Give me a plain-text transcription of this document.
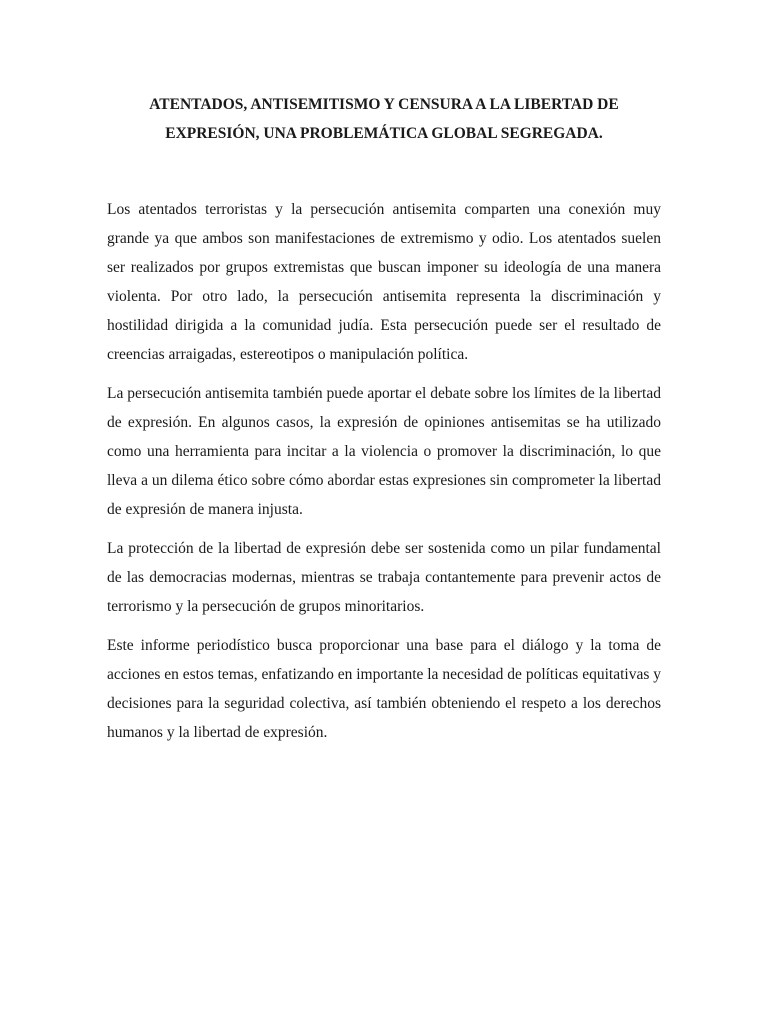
ATENTADOS, ANTISEMITISMO Y CENSURA A LA LIBERTAD DE
EXPRESIÓN, UNA PROBLEMÁTICA GLOBAL SEGREGADA.

Los atentados terroristas y la persecución antisemita comparten una conexión muy grande ya que ambos son manifestaciones de extremismo y odio. Los atentados suelen ser realizados por grupos extremistas que buscan imponer su ideología de una manera violenta. Por otro lado, la persecución antisemita representa la discriminación y hostilidad dirigida a la comunidad judía. Esta persecución puede ser el resultado de creencias arraigadas, estereotipos o manipulación política.

La persecución antisemita también puede aportar el debate sobre los límites de la libertad de expresión. En algunos casos, la expresión de opiniones antisemitas se ha utilizado como una herramienta para incitar a la violencia o promover la discriminación, lo que lleva a un dilema ético sobre cómo abordar estas expresiones sin comprometer la libertad de expresión de manera injusta.

La protección de la libertad de expresión debe ser sostenida como un pilar fundamental de las democracias modernas, mientras se trabaja contantemente para prevenir actos de terrorismo y la persecución de grupos minoritarios.

Este informe periodístico busca proporcionar una base para el diálogo y la toma de acciones en estos temas, enfatizando en importante la necesidad de políticas equitativas y decisiones para la seguridad colectiva, así también obteniendo el respeto a los derechos humanos y la libertad de expresión.
